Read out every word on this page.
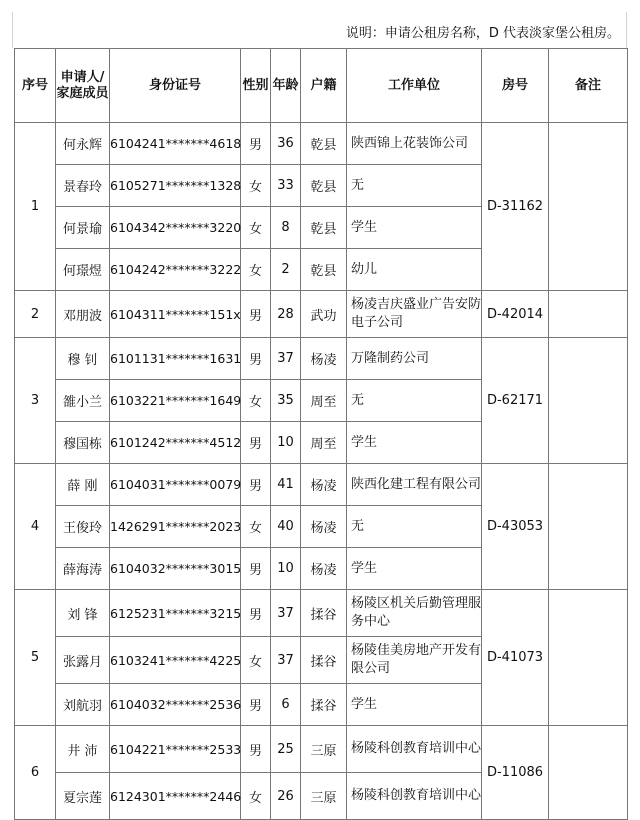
说明：申请公租房名称，D 代表淡家堡公租房。
序号	申请人/家庭成员	身份证号	性别	年龄	户籍	工作单位	房号	备注
1	何永辉	6104241*******4618	男	36	乾县	陕西锦上花装饰公司	D-31162	
	景春玲	6105271*******1328	女	33	乾县	无		
	何景瑜	6104342*******3220	女	8	乾县	学生		
	何璟煜	6104242*******3222	女	2	乾县	幼儿		
2	邓朋波	6104311*******151x	男	28	武功	杨凌吉庆盛业广告安防电子公司	D-42014	
3	穆 钊	6101131*******1631	男	37	杨凌	万隆制药公司	D-62171	
	雒小兰	6103221*******1649	女	35	周至	无		
	穆国栋	6101242*******4512	男	10	周至	学生		
4	薛 刚	6104031*******0079	男	41	杨凌	陕西化建工程有限公司	D-43053	
	王俊玲	1426291*******2023	女	40	杨凌	无		
	薛海涛	6104032*******3015	男	10	杨凌	学生		
5	刘 锋	6125231*******3215	男	37	揉谷	杨陵区机关后勤管理服务中心	D-41073	
	张露月	6103241*******4225	女	37	揉谷	杨陵佳美房地产开发有限公司		
	刘航羽	6104032*******2536	男	6	揉谷	学生		
6	井 沛	6104221*******2533	男	25	三原	杨陵科创教育培训中心	D-11086	
	夏宗莲	6124301*******2446	女	26	三原	杨陵科创教育培训中心		
